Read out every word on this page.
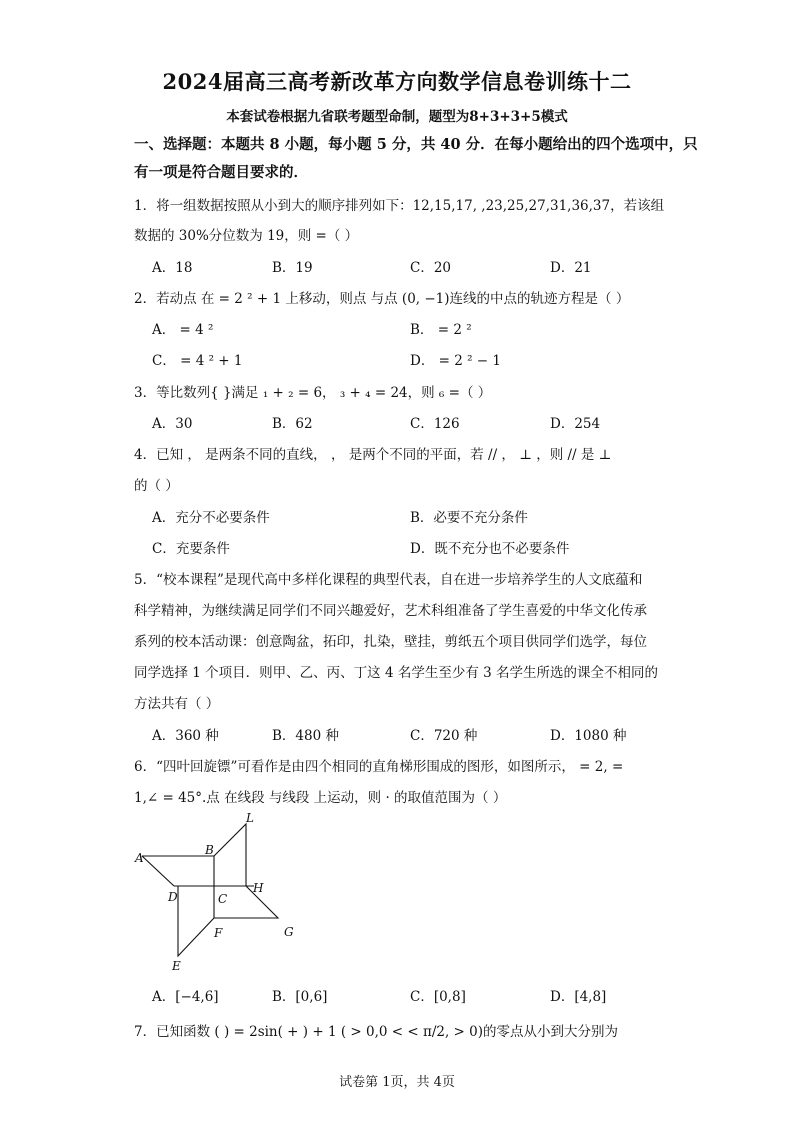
2024届高三高考新改革方向数学信息卷训练十二
本套试卷根据九省联考题型命制，题型为8+3+3+5模式
一、选择题：本题共 8 小题，每小题 5 分，共 40 分．在每小题给出的四个选项中，只
有一项是符合题目要求的．
1．将一组数据按照从小到大的顺序排列如下：12,15,17, ,23,25,27,31,36,37，若该组
数据的 30%分位数为 19，则 =（ ）
A．18	B．19	C．20	D．21
2．若动点 在 = 2 ² + 1 上移动，则点 与点 (0, −1)连线的中点的轨迹方程是（ ）
A． = 4 ²	B． = 2 ²
C． = 4 ² + 1	D． = 2 ² − 1
3．等比数列{ }满足 ₁ + ₂ = 6， ₃ + ₄ = 24，则 ₆ =（ ）
A．30	B．62	C．126	D．254
4．已知 ， 是两条不同的直线， ， 是两个不同的平面，若 // ， ⊥ ，则 // 是 ⊥
的（ ）
A．充分不必要条件	B．必要不充分条件
C．充要条件	D．既不充分也不必要条件
5．“校本课程”是现代高中多样化课程的典型代表，自在进一步培养学生的人文底蕴和
科学精神，为继续满足同学们不同兴趣爱好，艺术科组准备了学生喜爱的中华文化传承
系列的校本活动课：创意陶盆，拓印，扎染，壁挂，剪纸五个项目供同学们选学，每位
同学选择 1 个项目．则甲、乙、丙、丁这 4 名学生至少有 3 名学生所选的课全不相同的
方法共有（ ）
A．360 种	B．480 种	C．720 种	D．1080 种
6．“四叶回旋镖”可看作是由四个相同的直角梯形围成的图形，如图所示， = 2, =
1,∠ = 45°.点 在线段 与线段 上运动，则 · 的取值范围为（ ）
L
A
B
D	C
H
F	G
E
A．[−4,6]	B．[0,6]	C．[0,8]	D．[4,8]
7．已知函数 ( ) = 2sin( + ) + 1 ( > 0,0 < < π/2, > 0)的零点从小到大分别为
试卷第 1页，共 4页
